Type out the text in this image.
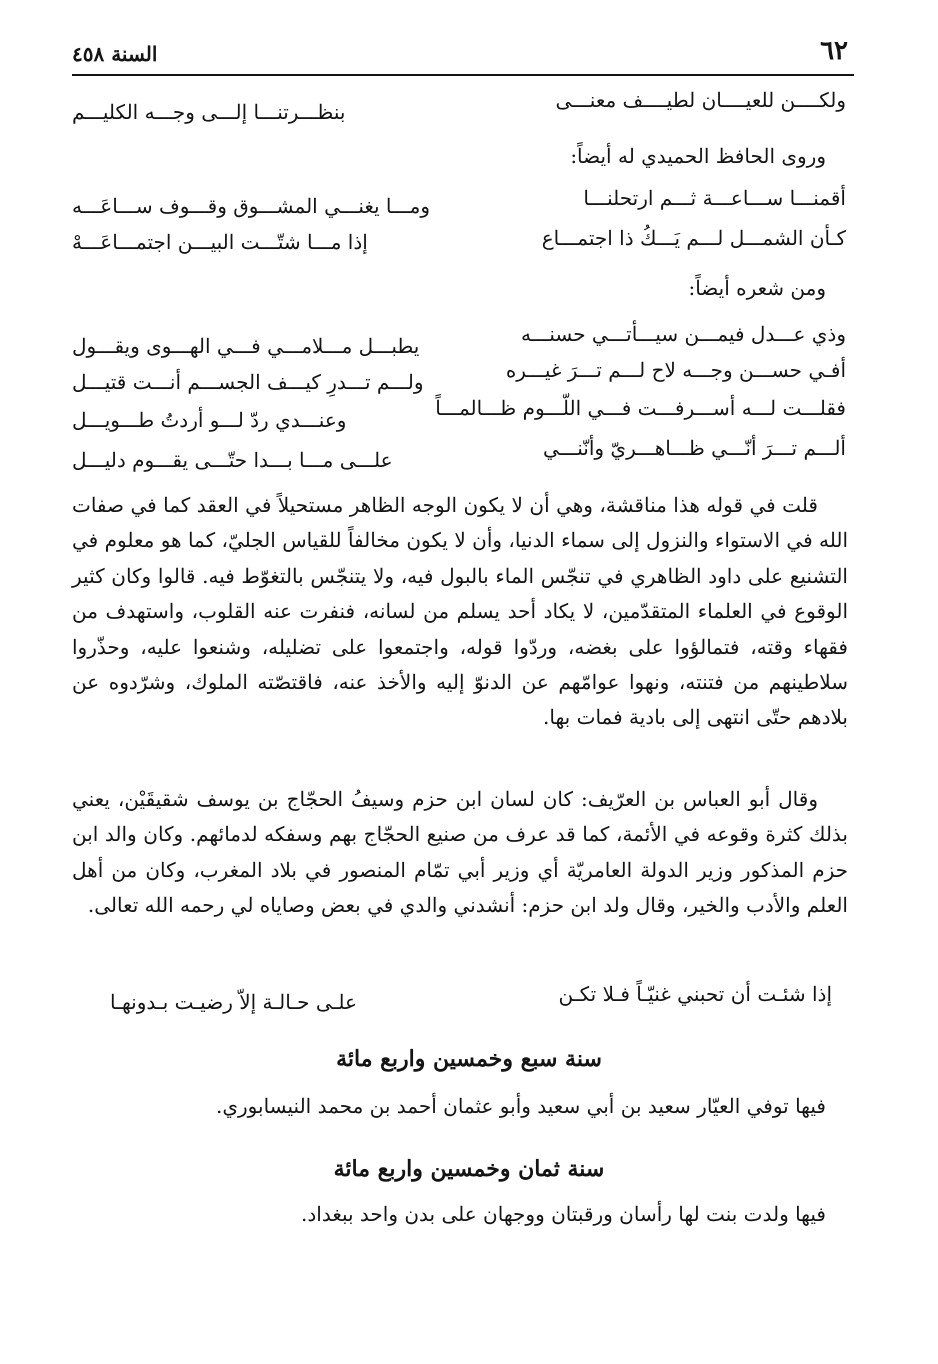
٦٢
السنة ٤٥٨
ولكــــن للعيــــان لطيــــف معنـــى
بنظـــرتنـــا إلـــى وجـــه الكليـــم
وروى الحافظ الحميدي له أيضاً:
أقمنـــا ســـاعـــة ثـــم ارتحلنـــا
ومـــا يغنـــي المشـــوق وقـــوف ســـاعَـــه
كـأن الشمـــل لـــم يَـــكُ ذا اجتمـــاع
إذا مـــا شتّـــت البيـــن اجتمـــاعَـــهْ
ومن شعره أيضاً:
وذي عـــدل فيمـــن سيـــأتـــي حسنـــه
يطبـــل مـــلامـــي فـــي الهـــوى ويقـــول
أفـي حســـن وجـــه لاح لـــم تـــرَ غيـــره
ولـــم تـــدرِ كيـــف الجســـم أنـــت قتيـــل
فقلـــت لـــه أســـرفـــت فـــي اللّـــوم ظـــالمـــاً
وعنـــدي ردّ لـــو أردتُ طـــويـــل
ألـــم تـــرَ أنّـــي ظـــاهـــريّ وأنّنـــي
علـــى مـــا بـــدا حتّـــى يقـــوم دليـــل
قلت في قوله هذا مناقشة، وهي أن لا يكون الوجه الظاهر مستحيلاً في العقد كما في صفات الله في الاستواء والنزول إلى سماء الدنيا، وأن لا يكون مخالفاً للقياس الجليّ، كما هو معلوم في التشنيع على داود الظاهري في تنجّس الماء بالبول فيه، ولا يتنجّس بالتغوّط فيه. قالوا وكان كثير الوقوع في العلماء المتقدّمين، لا يكاد أحد يسلم من لسانه، فنفرت عنه القلوب، واستهدف من فقهاء وقته، فتمالؤوا على بغضه، وردّوا قوله، واجتمعوا على تضليله، وشنعوا عليه، وحذّروا سلاطينهم من فتنته، ونهوا عوامّهم عن الدنوّ إليه والأخذ عنه، فاقتصّته الملوك، وشرّدوه عن بلادهم حتّى انتهى إلى بادية فمات بها.
وقال أبو العباس بن العرّيف: كان لسان ابن حزم وسيفُ الحجّاج بن يوسف شقيقَيْن، يعني بذلك كثرة وقوعه في الأئمة، كما قد عرف من صنيع الحجّاج بهم وسفكه لدمائهم. وكان والد ابن حزم المذكور وزير الدولة العامريّة أي وزير أبي تمّام المنصور في بلاد المغرب، وكان من أهل العلم والأدب والخير، وقال ولد ابن حزم: أنشدني والدي في بعض وصاياه لي رحمه الله تعالى.
إذا شئـت أن تحبني غنيّـاً فـلا تكـن
علـى حـالـة إلاّ رضيـت بـدونهـا
سنة سبع وخمسين واربع مائة
فيها توفي العيّار سعيد بن أبي سعيد وأبو عثمان أحمد بن محمد النيسابوري.
سنة ثمان وخمسين واربع مائة
فيها ولدت بنت لها رأسان ورقبتان ووجهان على بدن واحد ببغداد.
